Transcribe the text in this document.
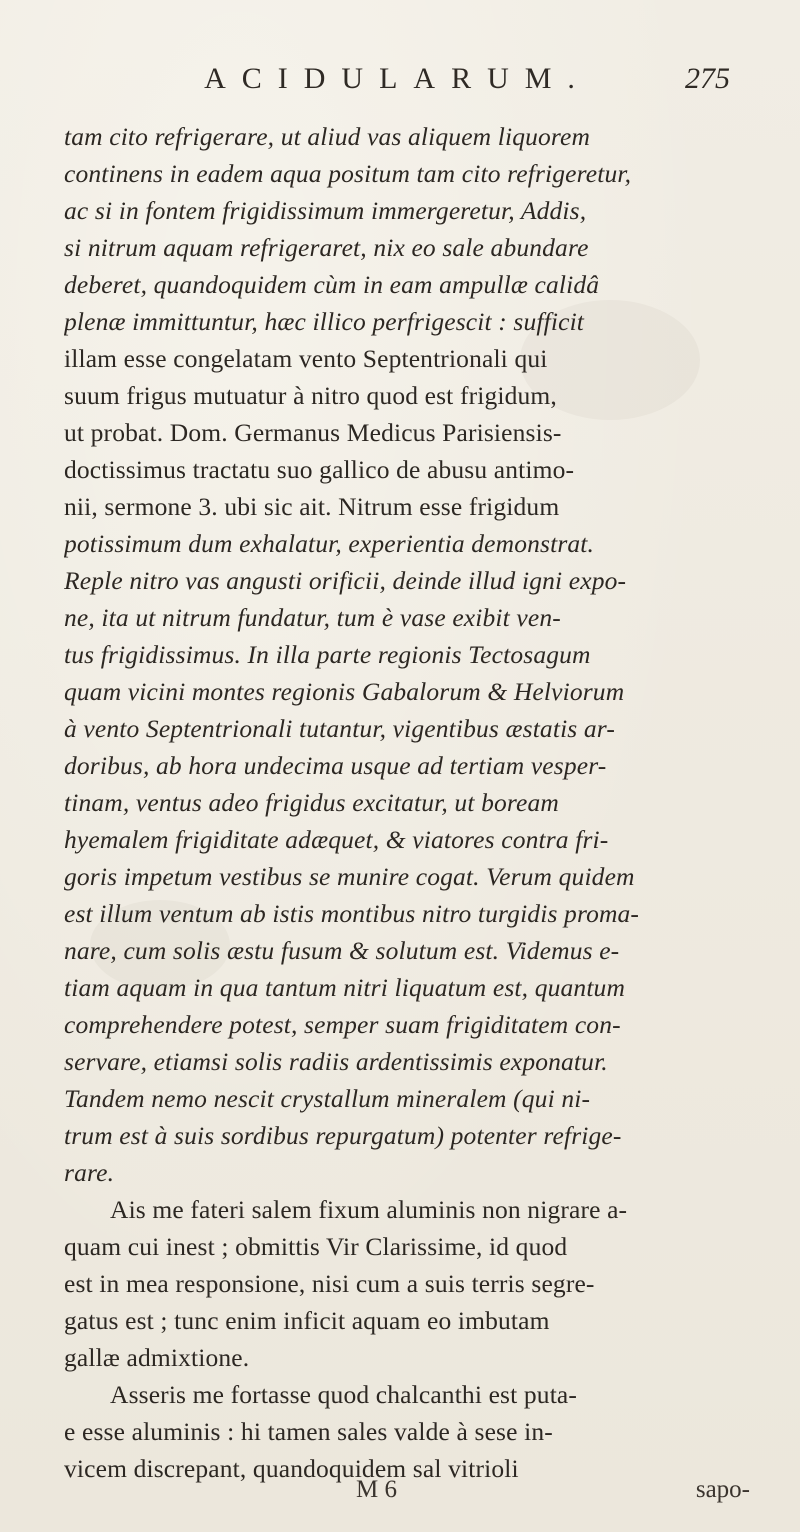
ACIDULARUM.	275
tam cito refrigerare, ut aliud vas aliquem liquorem
continens in eadem aqua positum tam cito refrigeretur,
ac si in fontem frigidissimum immergeretur, Addis,
si nitrum aquam refrigeraret, nix eo sale abundare
deberet, quandoquidem cùm in eam ampullæ calidâ
plenæ immittuntur, hæc illico perfrigescit : sufficit
illam esse congelatam vento Septentrionali qui
suum frigus mutuatur à nitro quod est frigidum,
ut probat. Dom. Germanus Medicus Parisiensis-
doctissimus tractatu suo gallico de abusu antimo-
nii, sermone 3. ubi sic ait. Nitrum esse frigidum
potissimum dum exhalatur, experientia demonstrat.
Reple nitro vas angusti orificii, deinde illud igni expo-
ne, ita ut nitrum fundatur, tum è vase exibit ven-
tus frigidissimus. In illa parte regionis Tectosagum
quam vicini montes regionis Gabalorum & Helviorum
à vento Septentrionali tutantur, vigentibus æstatis ar-
doribus, ab hora undecima usque ad tertiam vesper-
tinam, ventus adeo frigidus excitatur, ut boream
hyemalem frigiditate adæquet, & viatores contra fri-
goris impetum vestibus se munire cogat. Verum quidem
est illum ventum ab istis montibus nitro turgidis proma-
nare, cum solis æstu fusum & solutum est. Videmus e-
tiam aquam in qua tantum nitri liquatum est, quantum
comprehendere potest, semper suam frigiditatem con-
servare, etiamsi solis radiis ardentissimis exponatur.
Tandem nemo nescit crystallum mineralem (qui ni-
trum est à suis sordibus repurgatum) potenter refrige-
rare.
Ais me fateri salem fixum aluminis non nigrare a-
quam cui inest ; obmittis Vir Clarissime, id quod
est in mea responsione, nisi cum a suis terris segre-
gatus est ; tunc enim inficit aquam eo imbutam
gallæ admixtione.
Asseris me fortasse quod chalcanthi est puta-
e esse aluminis : hi tamen sales valde à sese in-
vicem discrepant, quandoquidem sal vitrioli
M 6	sapo-
